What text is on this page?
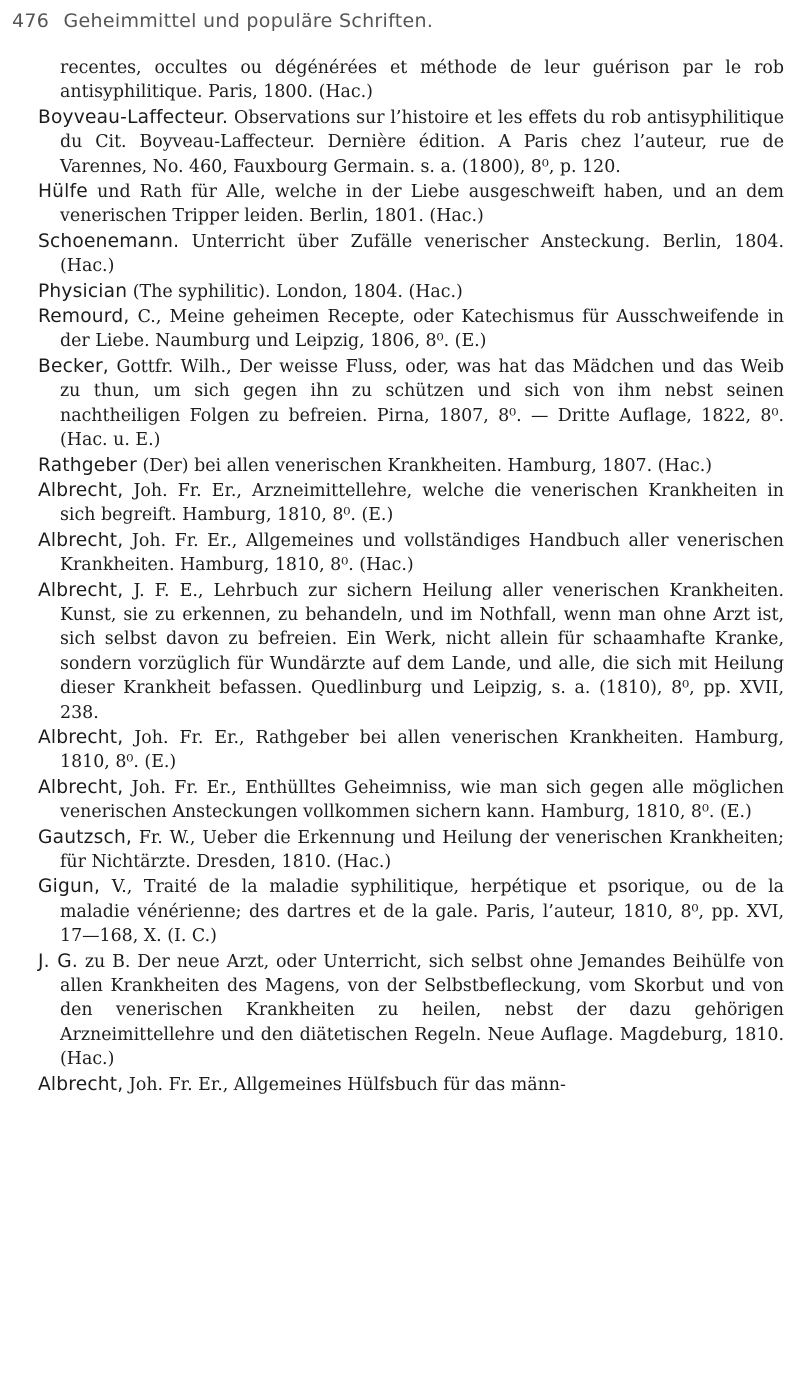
476 Geheimmittel und populäre Schriften.

recentes, occultes ou dégénérées et méthode de leur guérison par le rob antisyphilitique. Paris, 1800. (Hac.)

Boyveau-Laffecteur. Observations sur l’histoire et les effets du rob antisyphilitique du Cit. Boyveau-Laffecteur. Dernière édition. A Paris chez l’auteur, rue de Varennes, No. 460, Fauxbourg Germain. s. a. (1800), 8⁰, p. 120.

Hülfe und Rath für Alle, welche in der Liebe ausgeschweift haben, und an dem venerischen Tripper leiden. Berlin, 1801. (Hac.)

Schoenemann. Unterricht über Zufälle venerischer Ansteckung. Berlin, 1804. (Hac.)

Physician (The syphilitic). London, 1804. (Hac.)

Remourd, C., Meine geheimen Recepte, oder Katechismus für Ausschweifende in der Liebe. Naumburg und Leipzig, 1806, 8⁰. (E.)

Becker, Gottfr. Wilh., Der weisse Fluss, oder, was hat das Mädchen und das Weib zu thun, um sich gegen ihn zu schützen und sich von ihm nebst seinen nachtheiligen Folgen zu befreien. Pirna, 1807, 8⁰. — Dritte Auflage, 1822, 8⁰. (Hac. u. E.)

Rathgeber (Der) bei allen venerischen Krankheiten. Hamburg, 1807. (Hac.)

Albrecht, Joh. Fr. Er., Arzneimittellehre, welche die venerischen Krankheiten in sich begreift. Hamburg, 1810, 8⁰. (E.)

Albrecht, Joh. Fr. Er., Allgemeines und vollständiges Handbuch aller venerischen Krankheiten. Hamburg, 1810, 8⁰. (Hac.)

Albrecht, J. F. E., Lehrbuch zur sichern Heilung aller venerischen Krankheiten. Kunst, sie zu erkennen, zu behandeln, und im Nothfall, wenn man ohne Arzt ist, sich selbst davon zu befreien. Ein Werk, nicht allein für schaamhafte Kranke, sondern vorzüglich für Wundärzte auf dem Lande, und alle, die sich mit Heilung dieser Krankheit befassen. Quedlinburg und Leipzig, s. a. (1810), 8⁰, pp. XVII, 238.

Albrecht, Joh. Fr. Er., Rathgeber bei allen venerischen Krankheiten. Hamburg, 1810, 8⁰. (E.)

Albrecht, Joh. Fr. Er., Enthülltes Geheimniss, wie man sich gegen alle möglichen venerischen Ansteckungen vollkommen sichern kann. Hamburg, 1810, 8⁰. (E.)

Gautzsch, Fr. W., Ueber die Erkennung und Heilung der venerischen Krankheiten; für Nichtärzte. Dresden, 1810. (Hac.)

Gigun, V., Traité de la maladie syphilitique, herpétique et psorique, ou de la maladie vénérienne; des dartres et de la gale. Paris, l’auteur, 1810, 8⁰, pp. XVI, 17—168, X. (I. C.)

J. G. zu B. Der neue Arzt, oder Unterricht, sich selbst ohne Jemandes Beihülfe von allen Krankheiten des Magens, von der Selbstbefleckung, vom Skorbut und von den venerischen Krankheiten zu heilen, nebst der dazu gehörigen Arzneimittellehre und den diätetischen Regeln. Neue Auflage. Magdeburg, 1810. (Hac.)

Albrecht, Joh. Fr. Er., Allgemeines Hülfsbuch für das männ-
